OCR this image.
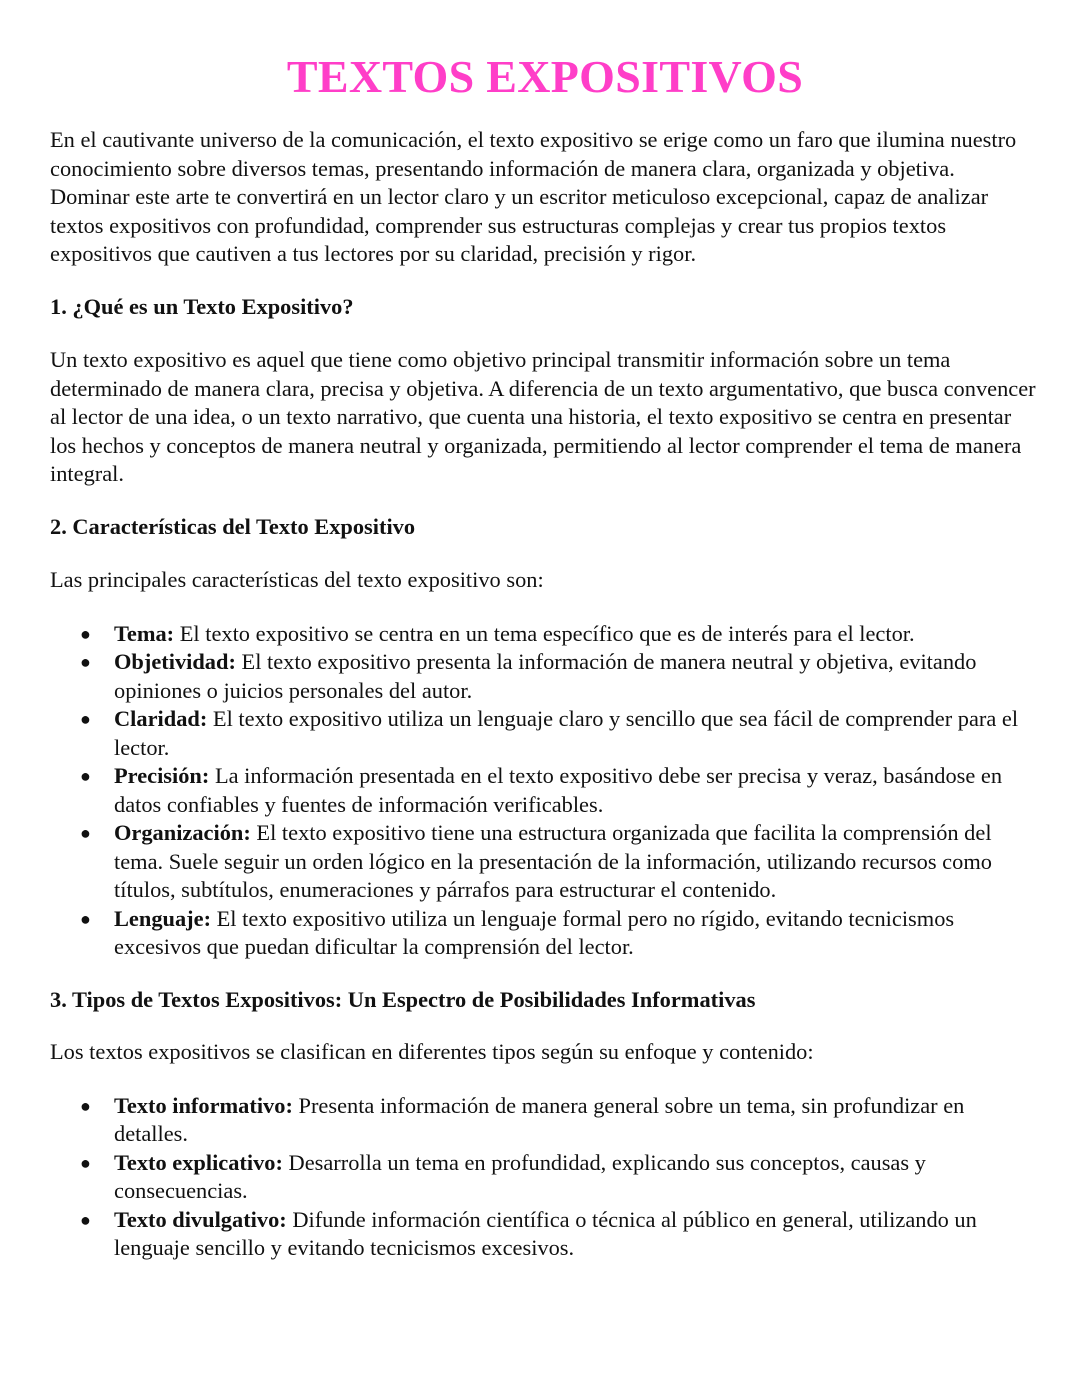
TEXTOS EXPOSITIVOS

En el cautivante universo de la comunicación, el texto expositivo se erige como un faro que ilumina nuestro conocimiento sobre diversos temas, presentando información de manera clara, organizada y objetiva. Dominar este arte te convertirá en un lector claro y un escritor meticuloso excepcional, capaz de analizar textos expositivos con profundidad, comprender sus estructuras complejas y crear tus propios textos expositivos que cautiven a tus lectores por su claridad, precisión y rigor.

1. ¿Qué es un Texto Expositivo?

Un texto expositivo es aquel que tiene como objetivo principal transmitir información sobre un tema determinado de manera clara, precisa y objetiva. A diferencia de un texto argumentativo, que busca convencer al lector de una idea, o un texto narrativo, que cuenta una historia, el texto expositivo se centra en presentar los hechos y conceptos de manera neutral y organizada, permitiendo al lector comprender el tema de manera integral.

2. Características del Texto Expositivo

Las principales características del texto expositivo son:

● Tema: El texto expositivo se centra en un tema específico que es de interés para el lector.
● Objetividad: El texto expositivo presenta la información de manera neutral y objetiva, evitando opiniones o juicios personales del autor.
● Claridad: El texto expositivo utiliza un lenguaje claro y sencillo que sea fácil de comprender para el lector.
● Precisión: La información presentada en el texto expositivo debe ser precisa y veraz, basándose en datos confiables y fuentes de información verificables.
● Organización: El texto expositivo tiene una estructura organizada que facilita la comprensión del tema. Suele seguir un orden lógico en la presentación de la información, utilizando recursos como títulos, subtítulos, enumeraciones y párrafos para estructurar el contenido.
● Lenguaje: El texto expositivo utiliza un lenguaje formal pero no rígido, evitando tecnicismos excesivos que puedan dificultar la comprensión del lector.
3. Tipos de Textos Expositivos: Un Espectro de Posibilidades Informativas

Los textos expositivos se clasifican en diferentes tipos según su enfoque y contenido:

● Texto informativo: Presenta información de manera general sobre un tema, sin profundizar en detalles.
● Texto explicativo: Desarrolla un tema en profundidad, explicando sus conceptos, causas y consecuencias.
● Texto divulgativo: Difunde información científica o técnica al público en general, utilizando un lenguaje sencillo y evitando tecnicismos excesivos.
